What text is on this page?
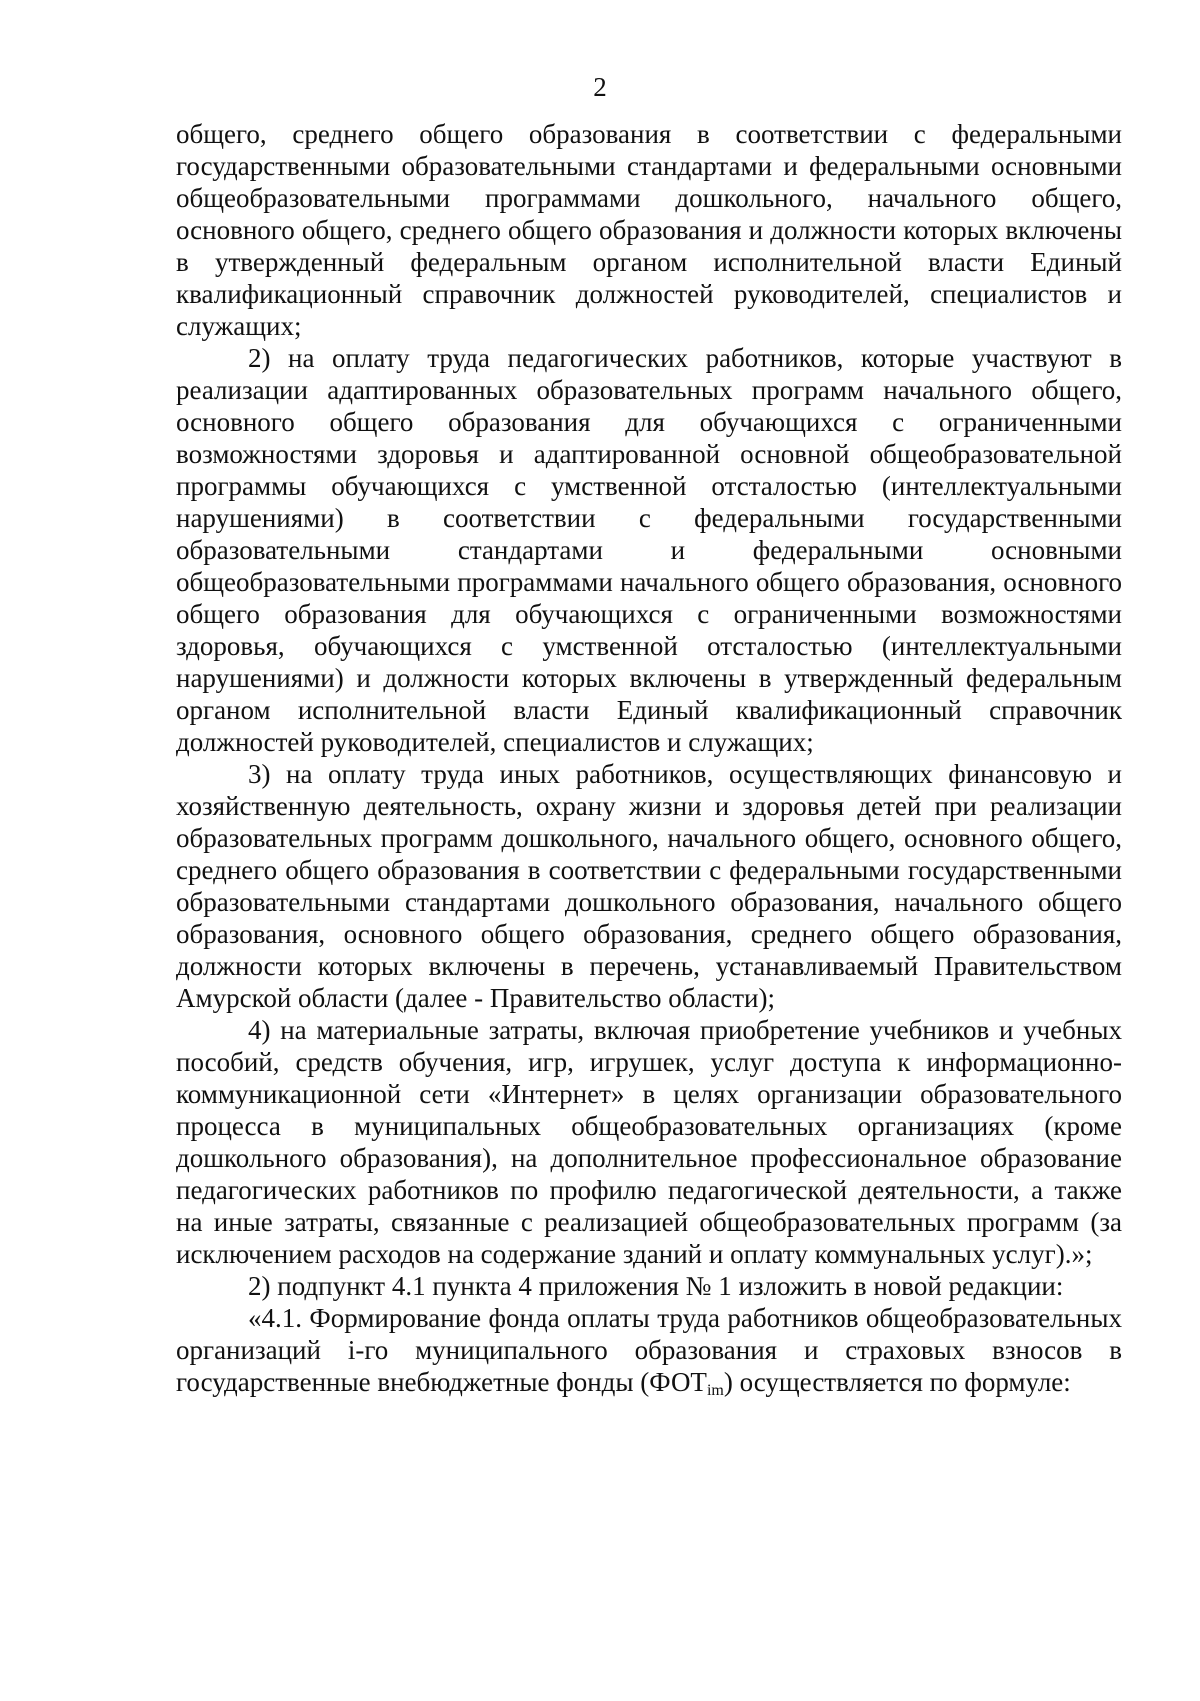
2

общего, среднего общего образования в соответствии с федеральными государственными образовательными стандартами и федеральными основными общеобразовательными программами дошкольного, начального общего, основного общего, среднего общего образования и должности которых включены в утвержденный федеральным органом исполнительной власти Единый квалификационный справочник должностей руководителей, специалистов и служащих;

2) на оплату труда педагогических работников, которые участвуют в реализации адаптированных образовательных программ начального общего, основного общего образования для обучающихся с ограниченными возможностями здоровья и адаптированной основной общеобразовательной программы обучающихся с умственной отсталостью (интеллектуальными нарушениями) в соответствии с федеральными государственными образовательными стандартами и федеральными основными общеобразовательными программами начального общего образования, основного общего образования для обучающихся с ограниченными возможностями здоровья, обучающихся с умственной отсталостью (интеллектуальными нарушениями) и должности которых включены в утвержденный федеральным органом исполнительной власти Единый квалификационный справочник должностей руководителей, специалистов и служащих;

3) на оплату труда иных работников, осуществляющих финансовую и хозяйственную деятельность, охрану жизни и здоровья детей при реализации образовательных программ дошкольного, начального общего, основного общего, среднего общего образования в соответствии с федеральными государственными образовательными стандартами дошкольного образования, начального общего образования, основного общего образования, среднего общего образования, должности которых включены в перечень, устанавливаемый Правительством Амурской области (далее - Правительство области);

4) на материальные затраты, включая приобретение учебников и учебных пособий, средств обучения, игр, игрушек, услуг доступа к информационно-коммуникационной сети «Интернет» в целях организации образовательного процесса в муниципальных общеобразовательных организациях (кроме дошкольного образования), на дополнительное профессиональное образование педагогических работников по профилю педагогической деятельности, а также на иные затраты, связанные с реализацией общеобразовательных программ (за исключением расходов на содержание зданий и оплату коммунальных услуг).»;

2) подпункт 4.1 пункта 4 приложения № 1 изложить в новой редакции:

«4.1. Формирование фонда оплаты труда работников общеобразовательных организаций i-го муниципального образования и страховых взносов в государственные внебюджетные фонды $(ФОТ_{im})$ осуществляется по формуле:
